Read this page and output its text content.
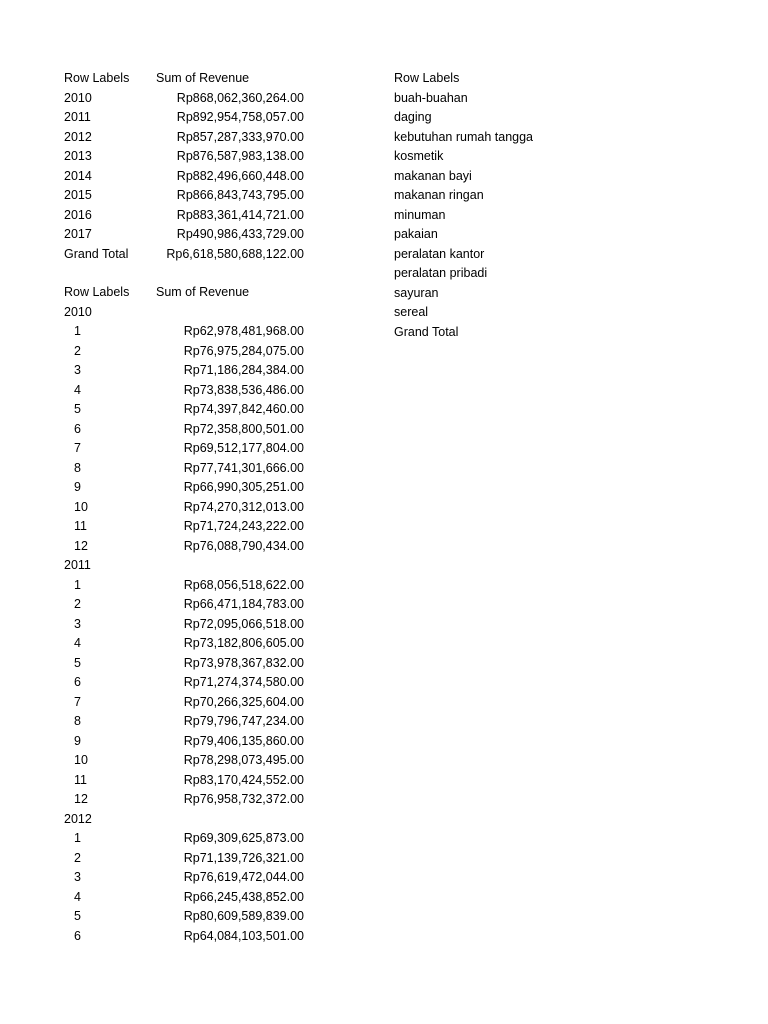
Row Labels Sum of Revenue
2010	Rp868,062,360,264.00
2011	Rp892,954,758,057.00
2012	Rp857,287,333,970.00
2013	Rp876,587,983,138.00
2014	Rp882,496,660,448.00
2015	Rp866,843,743,795.00
2016	Rp883,361,414,721.00
2017	Rp490,986,433,729.00
Grand Total	Rp6,618,580,688,122.00
Row Labels Sum of Revenue
2010
1	Rp62,978,481,968.00
2	Rp76,975,284,075.00
3	Rp71,186,284,384.00
4	Rp73,838,536,486.00
5	Rp74,397,842,460.00
6	Rp72,358,800,501.00
7	Rp69,512,177,804.00
8	Rp77,741,301,666.00
9	Rp66,990,305,251.00
10	Rp74,270,312,013.00
11	Rp71,724,243,222.00
12	Rp76,088,790,434.00
2011
1	Rp68,056,518,622.00
2	Rp66,471,184,783.00
3	Rp72,095,066,518.00
4	Rp73,182,806,605.00
5	Rp73,978,367,832.00
6	Rp71,274,374,580.00
7	Rp70,266,325,604.00
8	Rp79,796,747,234.00
9	Rp79,406,135,860.00
10	Rp78,298,073,495.00
11	Rp83,170,424,552.00
12	Rp76,958,732,372.00
2012
1	Rp69,309,625,873.00
2	Rp71,139,726,321.00
3	Rp76,619,472,044.00
4	Rp66,245,438,852.00
5	Rp80,609,589,839.00
6	Rp64,084,103,501.00
Row Labels
buah-buahan
daging
kebutuhan rumah tangga
kosmetik
makanan bayi
makanan ringan
minuman
pakaian
peralatan kantor
peralatan pribadi
sayuran
sereal
Grand Total
